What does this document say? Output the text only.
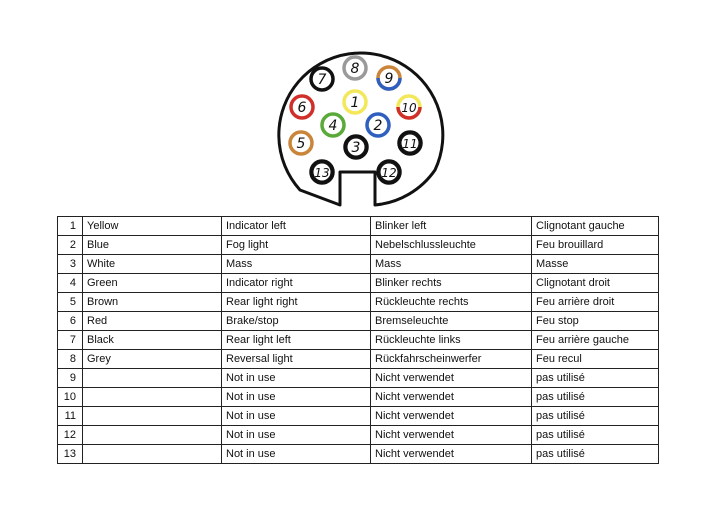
1
2
3
4
5
6
7
8
9
10
11
12
13
1	Yellow	Indicator left	Blinker left	Clignotant gauche
2	Blue	Fog light	Nebelschlussleuchte	Feu brouillard
3	White	Mass	Mass	Masse
4	Green	Indicator right	Blinker rechts	Clignotant droit
5	Brown	Rear light right	Rückleuchte rechts	Feu arrière droit
6	Red	Brake/stop	Bremseleuchte	Feu stop
7	Black	Rear light left	Rückleuchte links	Feu arrière gauche
8	Grey	Reversal light	Rückfahrscheinwerfer	Feu recul
9		Not in use	Nicht verwendet	pas utilisé
10		Not in use	Nicht verwendet	pas utilisé
11		Not in use	Nicht verwendet	pas utilisé
12		Not in use	Nicht verwendet	pas utilisé
13		Not in use	Nicht verwendet	pas utilisé
